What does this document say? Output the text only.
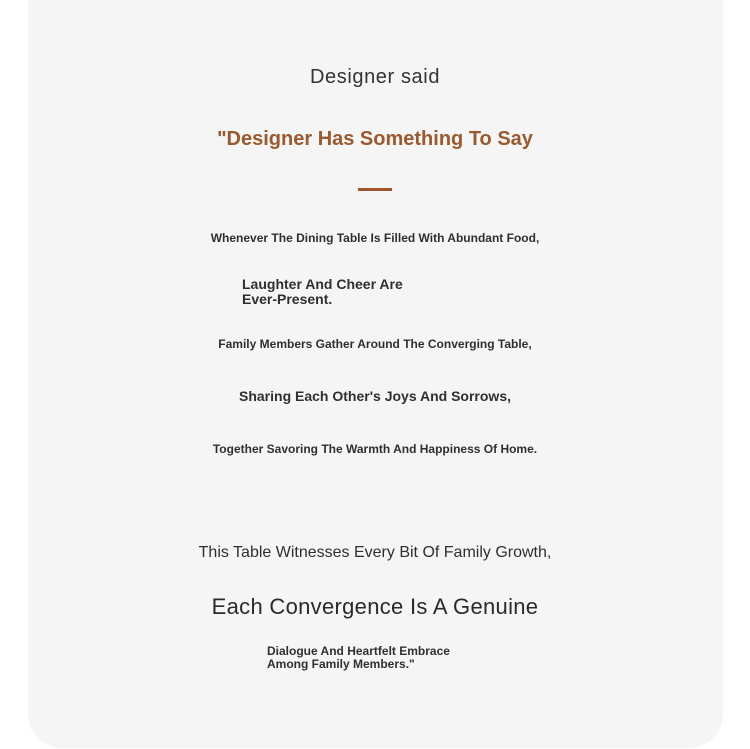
Designer said
"Designer Has Something To Say
Whenever The Dining Table Is Filled With Abundant Food,
Laughter And Cheer Are
Ever-Present.
Family Members Gather Around The Converging Table,
Sharing Each Other's Joys And Sorrows,
Together Savoring The Warmth And Happiness Of Home.
This Table Witnesses Every Bit Of Family Growth,
Each Convergence Is A Genuine
Dialogue And Heartfelt Embrace
Among Family Members."
